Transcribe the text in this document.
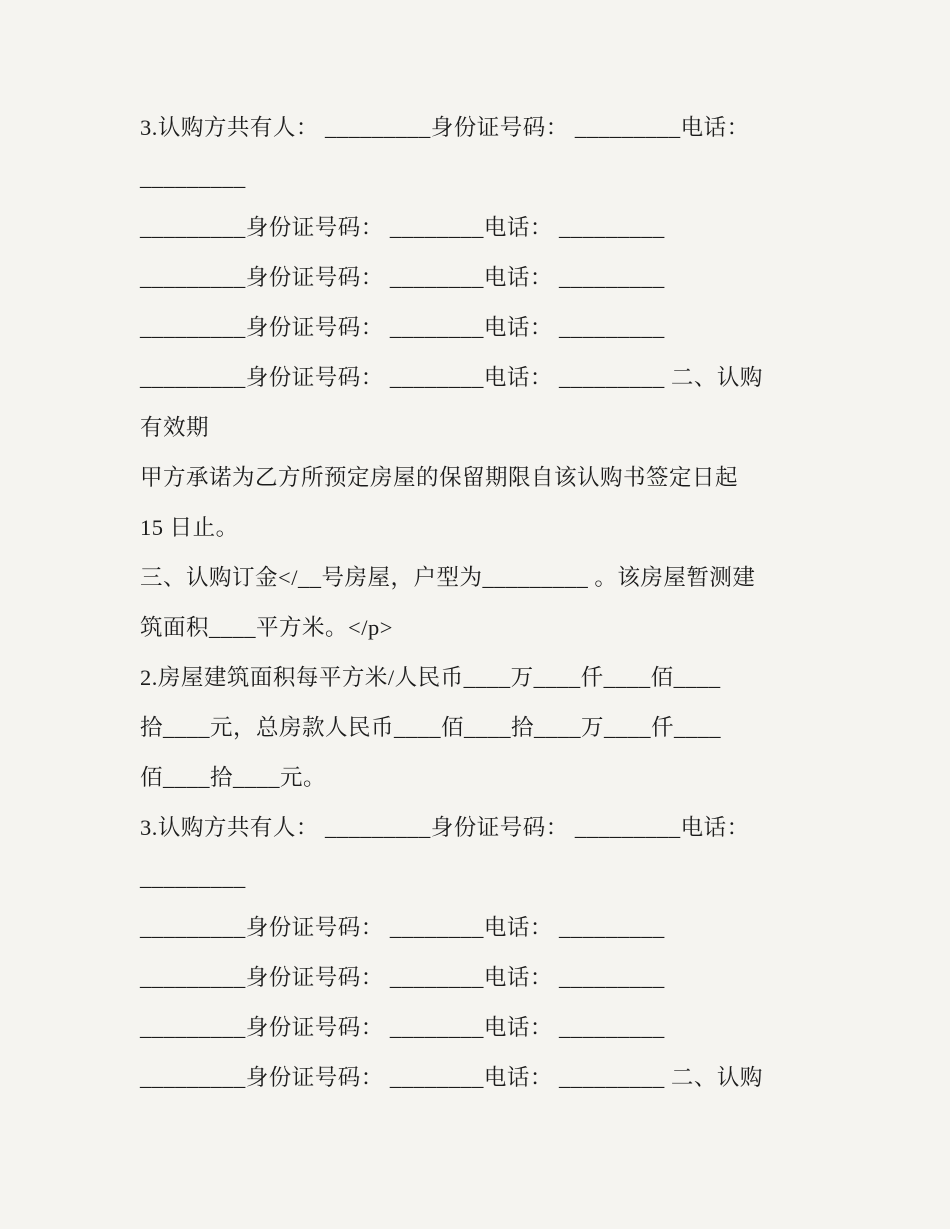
3.认购方共有人： _________身份证号码： _________电话：

_________

_________身份证号码： ________电话： _________

_________身份证号码： ________电话： _________

_________身份证号码： ________电话： _________

_________身份证号码： ________电话： _________ 二、认购

有效期

甲方承诺为乙方所预定房屋的保留期限自该认购书签定日起

15 日止。

三、认购订金</__号房屋，户型为_________ 。该房屋暂测建

筑面积____平方米。</p>

2.房屋建筑面积每平方米/人民币____万____仟____佰____

拾____元，总房款人民币____佰____拾____万____仟____

佰____拾____元。

3.认购方共有人： _________身份证号码： _________电话：

_________

_________身份证号码： ________电话： _________

_________身份证号码： ________电话： _________

_________身份证号码： ________电话： _________

_________身份证号码： ________电话： _________ 二、认购
